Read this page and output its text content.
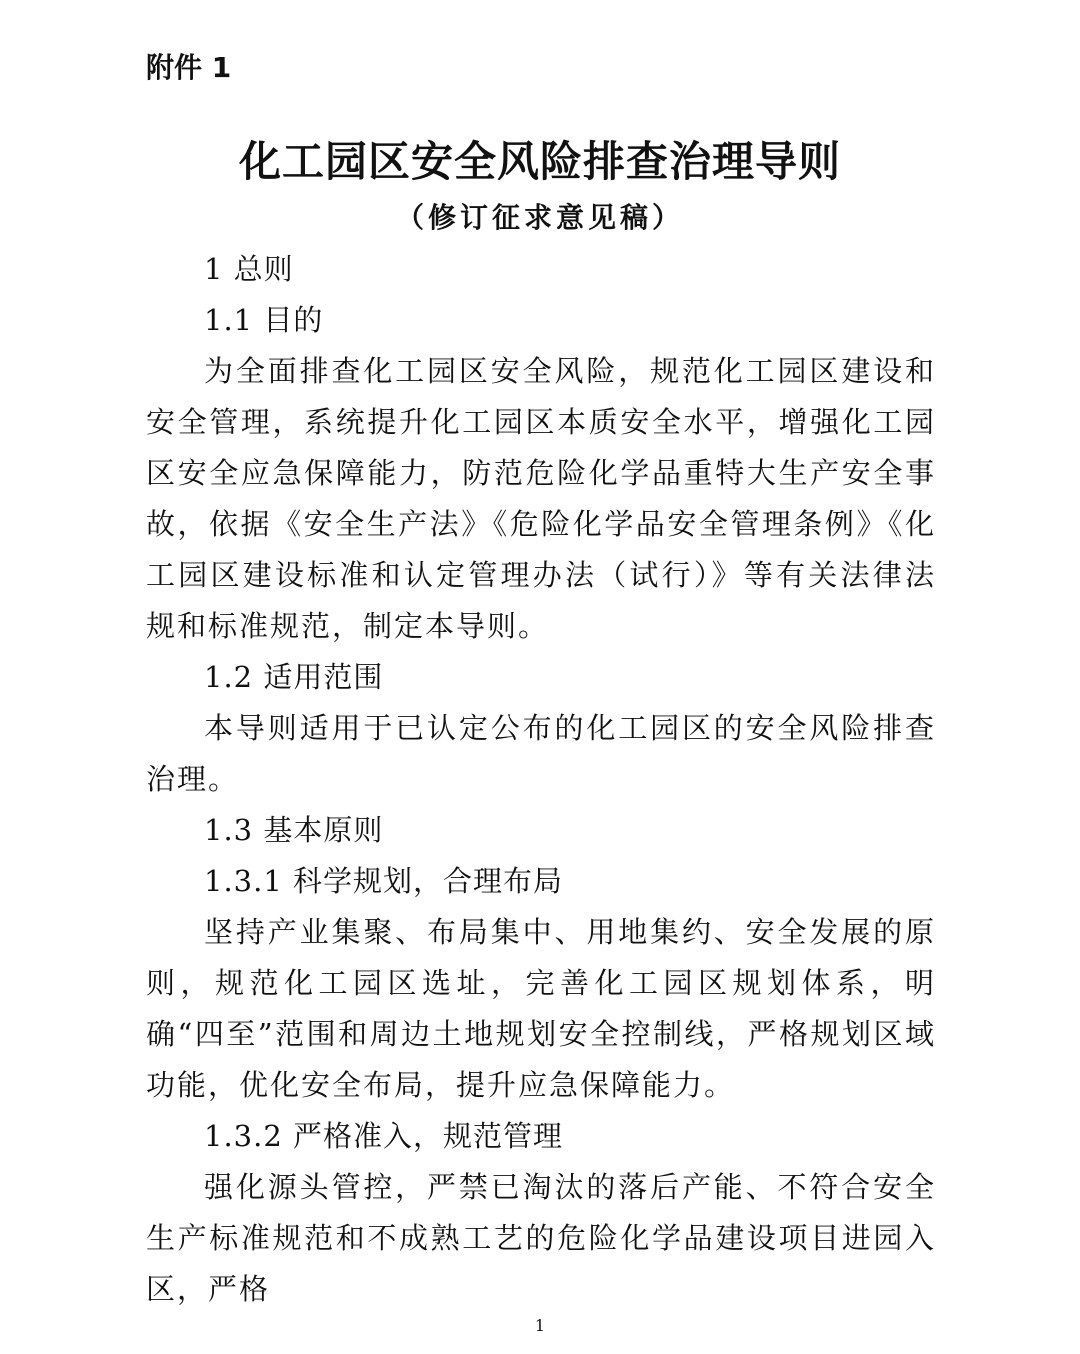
附件 1
化工园区安全风险排查治理导则
（修订征求意见稿）

1 总则

1.1 目的

为全面排查化工园区安全风险，规范化工园区建设和安全管理，系统提升化工园区本质安全水平，增强化工园区安全应急保障能力，防范危险化学品重特大生产安全事故，依据《安全生产法》《危险化学品安全管理条例》《化工园区建设标准和认定管理办法（试行）》等有关法律法规和标准规范，制定本导则。

1.2 适用范围

本导则适用于已认定公布的化工园区的安全风险排查治理。

1.3 基本原则

1.3.1 科学规划，合理布局

坚持产业集聚、布局集中、用地集约、安全发展的原则，规范化工园区选址，完善化工园区规划体系，明确“四至”范围和周边土地规划安全控制线，严格规划区域功能，优化安全布局，提升应急保障能力。

1.3.2 严格准入，规范管理

强化源头管控，严禁已淘汰的落后产能、不符合安全生产标准规范和不成熟工艺的危险化学品建设项目进园入区，严格

1
